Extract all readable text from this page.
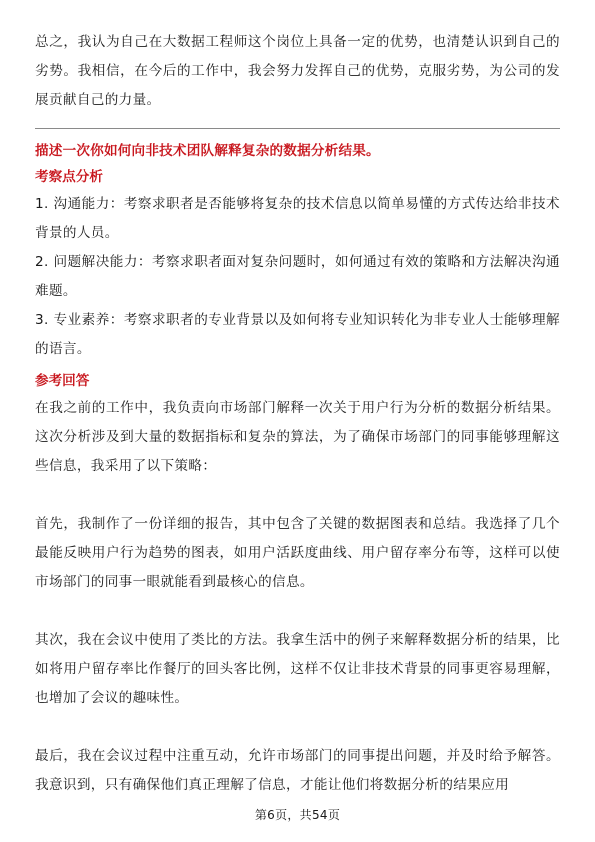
总之，我认为自己在大数据工程师这个岗位上具备一定的优势，也清楚认识到自己的劣势。我相信，在今后的工作中，我会努力发挥自己的优势，克服劣势，为公司的发展贡献自己的力量。

描述一次你如何向非技术团队解释复杂的数据分析结果。

考察点分析

1. 沟通能力：考察求职者是否能够将复杂的技术信息以简单易懂的方式传达给非技术背景的人员。

2. 问题解决能力：考察求职者面对复杂问题时，如何通过有效的策略和方法解决沟通难题。

3. 专业素养：考察求职者的专业背景以及如何将专业知识转化为非专业人士能够理解的语言。

参考回答

在我之前的工作中，我负责向市场部门解释一次关于用户行为分析的数据分析结果。这次分析涉及到大量的数据指标和复杂的算法，为了确保市场部门的同事能够理解这些信息，我采用了以下策略：

首先，我制作了一份详细的报告，其中包含了关键的数据图表和总结。我选择了几个最能反映用户行为趋势的图表，如用户活跃度曲线、用户留存率分布等，这样可以使市场部门的同事一眼就能看到最核心的信息。

其次，我在会议中使用了类比的方法。我拿生活中的例子来解释数据分析的结果，比如将用户留存率比作餐厅的回头客比例，这样不仅让非技术背景的同事更容易理解，也增加了会议的趣味性。

最后，我在会议过程中注重互动，允许市场部门的同事提出问题，并及时给予解答。我意识到，只有确保他们真正理解了信息，才能让他们将数据分析的结果应用

第6页，共54页
